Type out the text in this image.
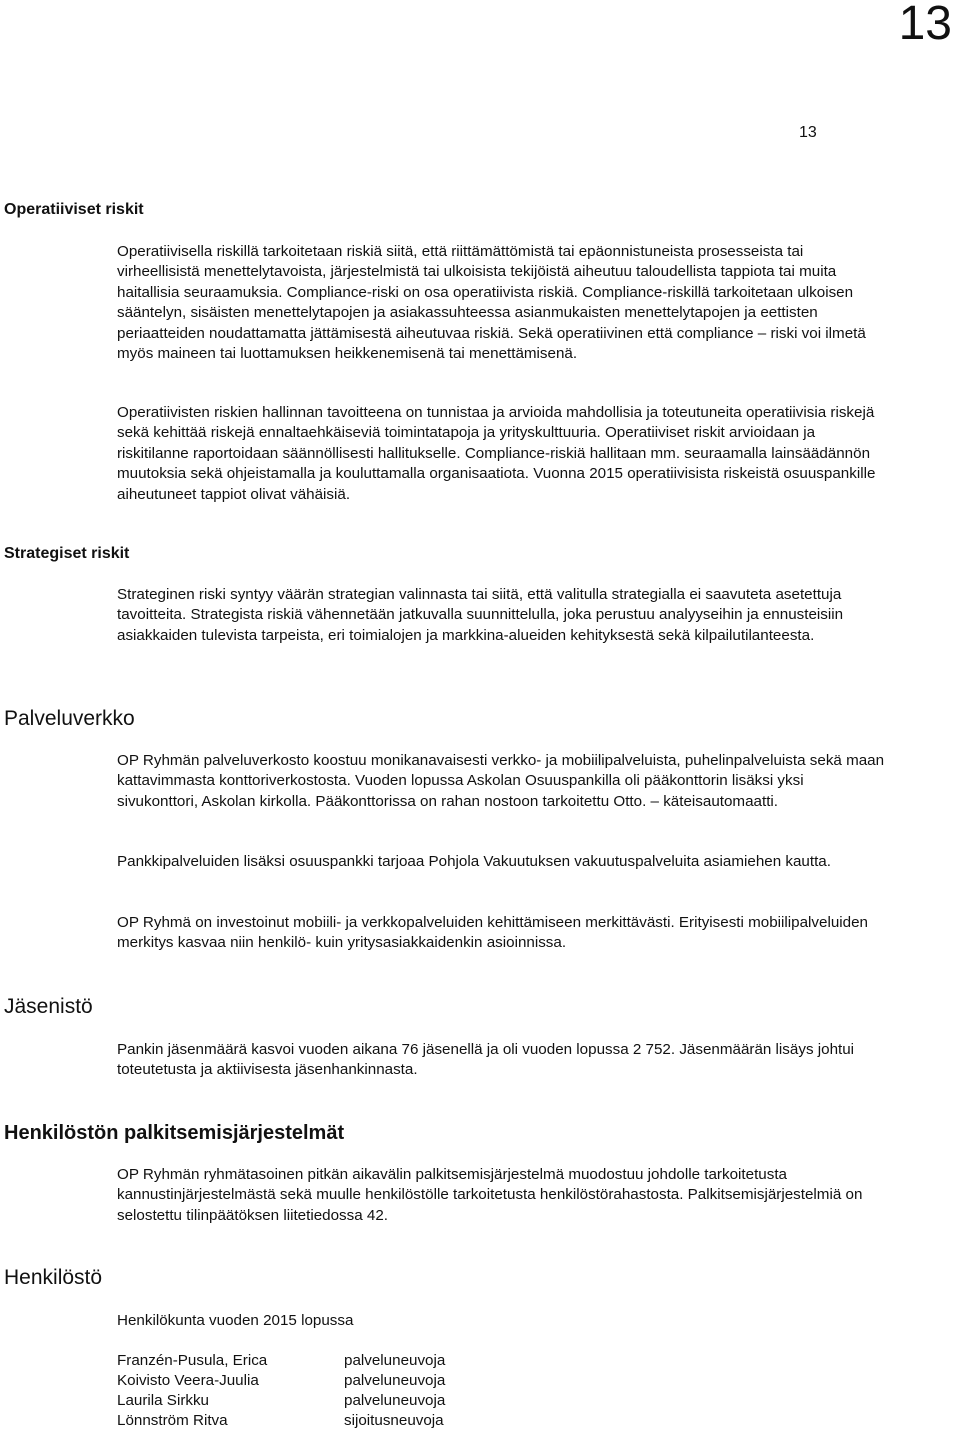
13
13
Operatiiviset riskit
Operatiivisella riskillä tarkoitetaan riskiä siitä, että riittämättömistä tai epäonnistuneista prosesseista tai virheellisistä menettelytavoista, järjestelmistä tai ulkoisista tekijöistä aiheutuu taloudellista tappiota tai muita haitallisia seuraamuksia. Compliance-riski on osa operatiivista riskiä. Compliance-riskillä tarkoitetaan ulkoisen sääntelyn, sisäisten menettelytapojen ja asiakassuhteessa asianmukaisten menettelytapojen ja eettisten periaatteiden noudattamatta jättämisestä aiheutuvaa riskiä. Sekä operatiivinen että compliance – riski voi ilmetä myös maineen tai luottamuksen heikkenemisenä tai menettämisenä.
Operatiivisten riskien hallinnan tavoitteena on tunnistaa ja arvioida mahdollisia ja toteutuneita operatiivisia riskejä sekä kehittää riskejä ennaltaehkäiseviä toimintatapoja ja yrityskulttuuria. Operatiiviset riskit arvioidaan ja riskitilanne raportoidaan säännöllisesti hallitukselle. Compliance-riskiä hallitaan mm. seuraamalla lainsäädännön muutoksia sekä ohjeistamalla ja kouluttamalla organisaatiota. Vuonna 2015 operatiivisista riskeistä osuuspankille aiheutuneet tappiot olivat vähäisiä.
Strategiset riskit
Strateginen riski syntyy väärän strategian valinnasta tai siitä, että valitulla strategialla ei saavuteta asetettuja tavoitteita. Strategista riskiä vähennetään jatkuvalla suunnittelulla, joka perustuu analyyseihin ja ennusteisiin asiakkaiden tulevista tarpeista, eri toimialojen ja markkina-alueiden kehityksestä sekä kilpailutilanteesta.
Palveluverkko
OP Ryhmän palveluverkosto koostuu monikanavaisesti verkko- ja mobiilipalveluista, puhelinpalveluista sekä maan kattavimmasta konttoriverkostosta. Vuoden lopussa Askolan Osuuspankilla oli pääkonttorin lisäksi yksi sivukonttori, Askolan kirkolla. Pääkonttorissa on rahan nostoon tarkoitettu Otto. – käteisautomaatti.
Pankkipalveluiden lisäksi osuuspankki tarjoaa Pohjola Vakuutuksen vakuutuspalveluita asiamiehen kautta.
OP Ryhmä on investoinut mobiili- ja verkkopalveluiden kehittämiseen merkittävästi. Erityisesti mobiilipalveluiden merkitys kasvaa niin henkilö- kuin yritysasiakkaidenkin asioinnissa.
Jäsenistö
Pankin jäsenmäärä kasvoi vuoden aikana 76 jäsenellä ja oli vuoden lopussa 2 752. Jäsenmäärän lisäys johtui toteutetusta ja aktiivisesta jäsenhankinnasta.
Henkilöstön palkitsemisjärjestelmät
OP Ryhmän ryhmätasoinen pitkän aikavälin palkitsemisjärjestelmä muodostuu johdolle tarkoitetusta kannustinjärjestelmästä sekä muulle henkilöstölle tarkoitetusta henkilöstörahastosta. Palkitsemisjärjestelmiä on selostettu tilinpäätöksen liitetiedossa 42.
Henkilöstö
Henkilökunta vuoden 2015 lopussa
Franzén-Pusula, Erica	palveluneuvoja
Koivisto Veera-Juulia	palveluneuvoja
Laurila Sirkku	palveluneuvoja
Lönnström Ritva	sijoitusneuvoja
